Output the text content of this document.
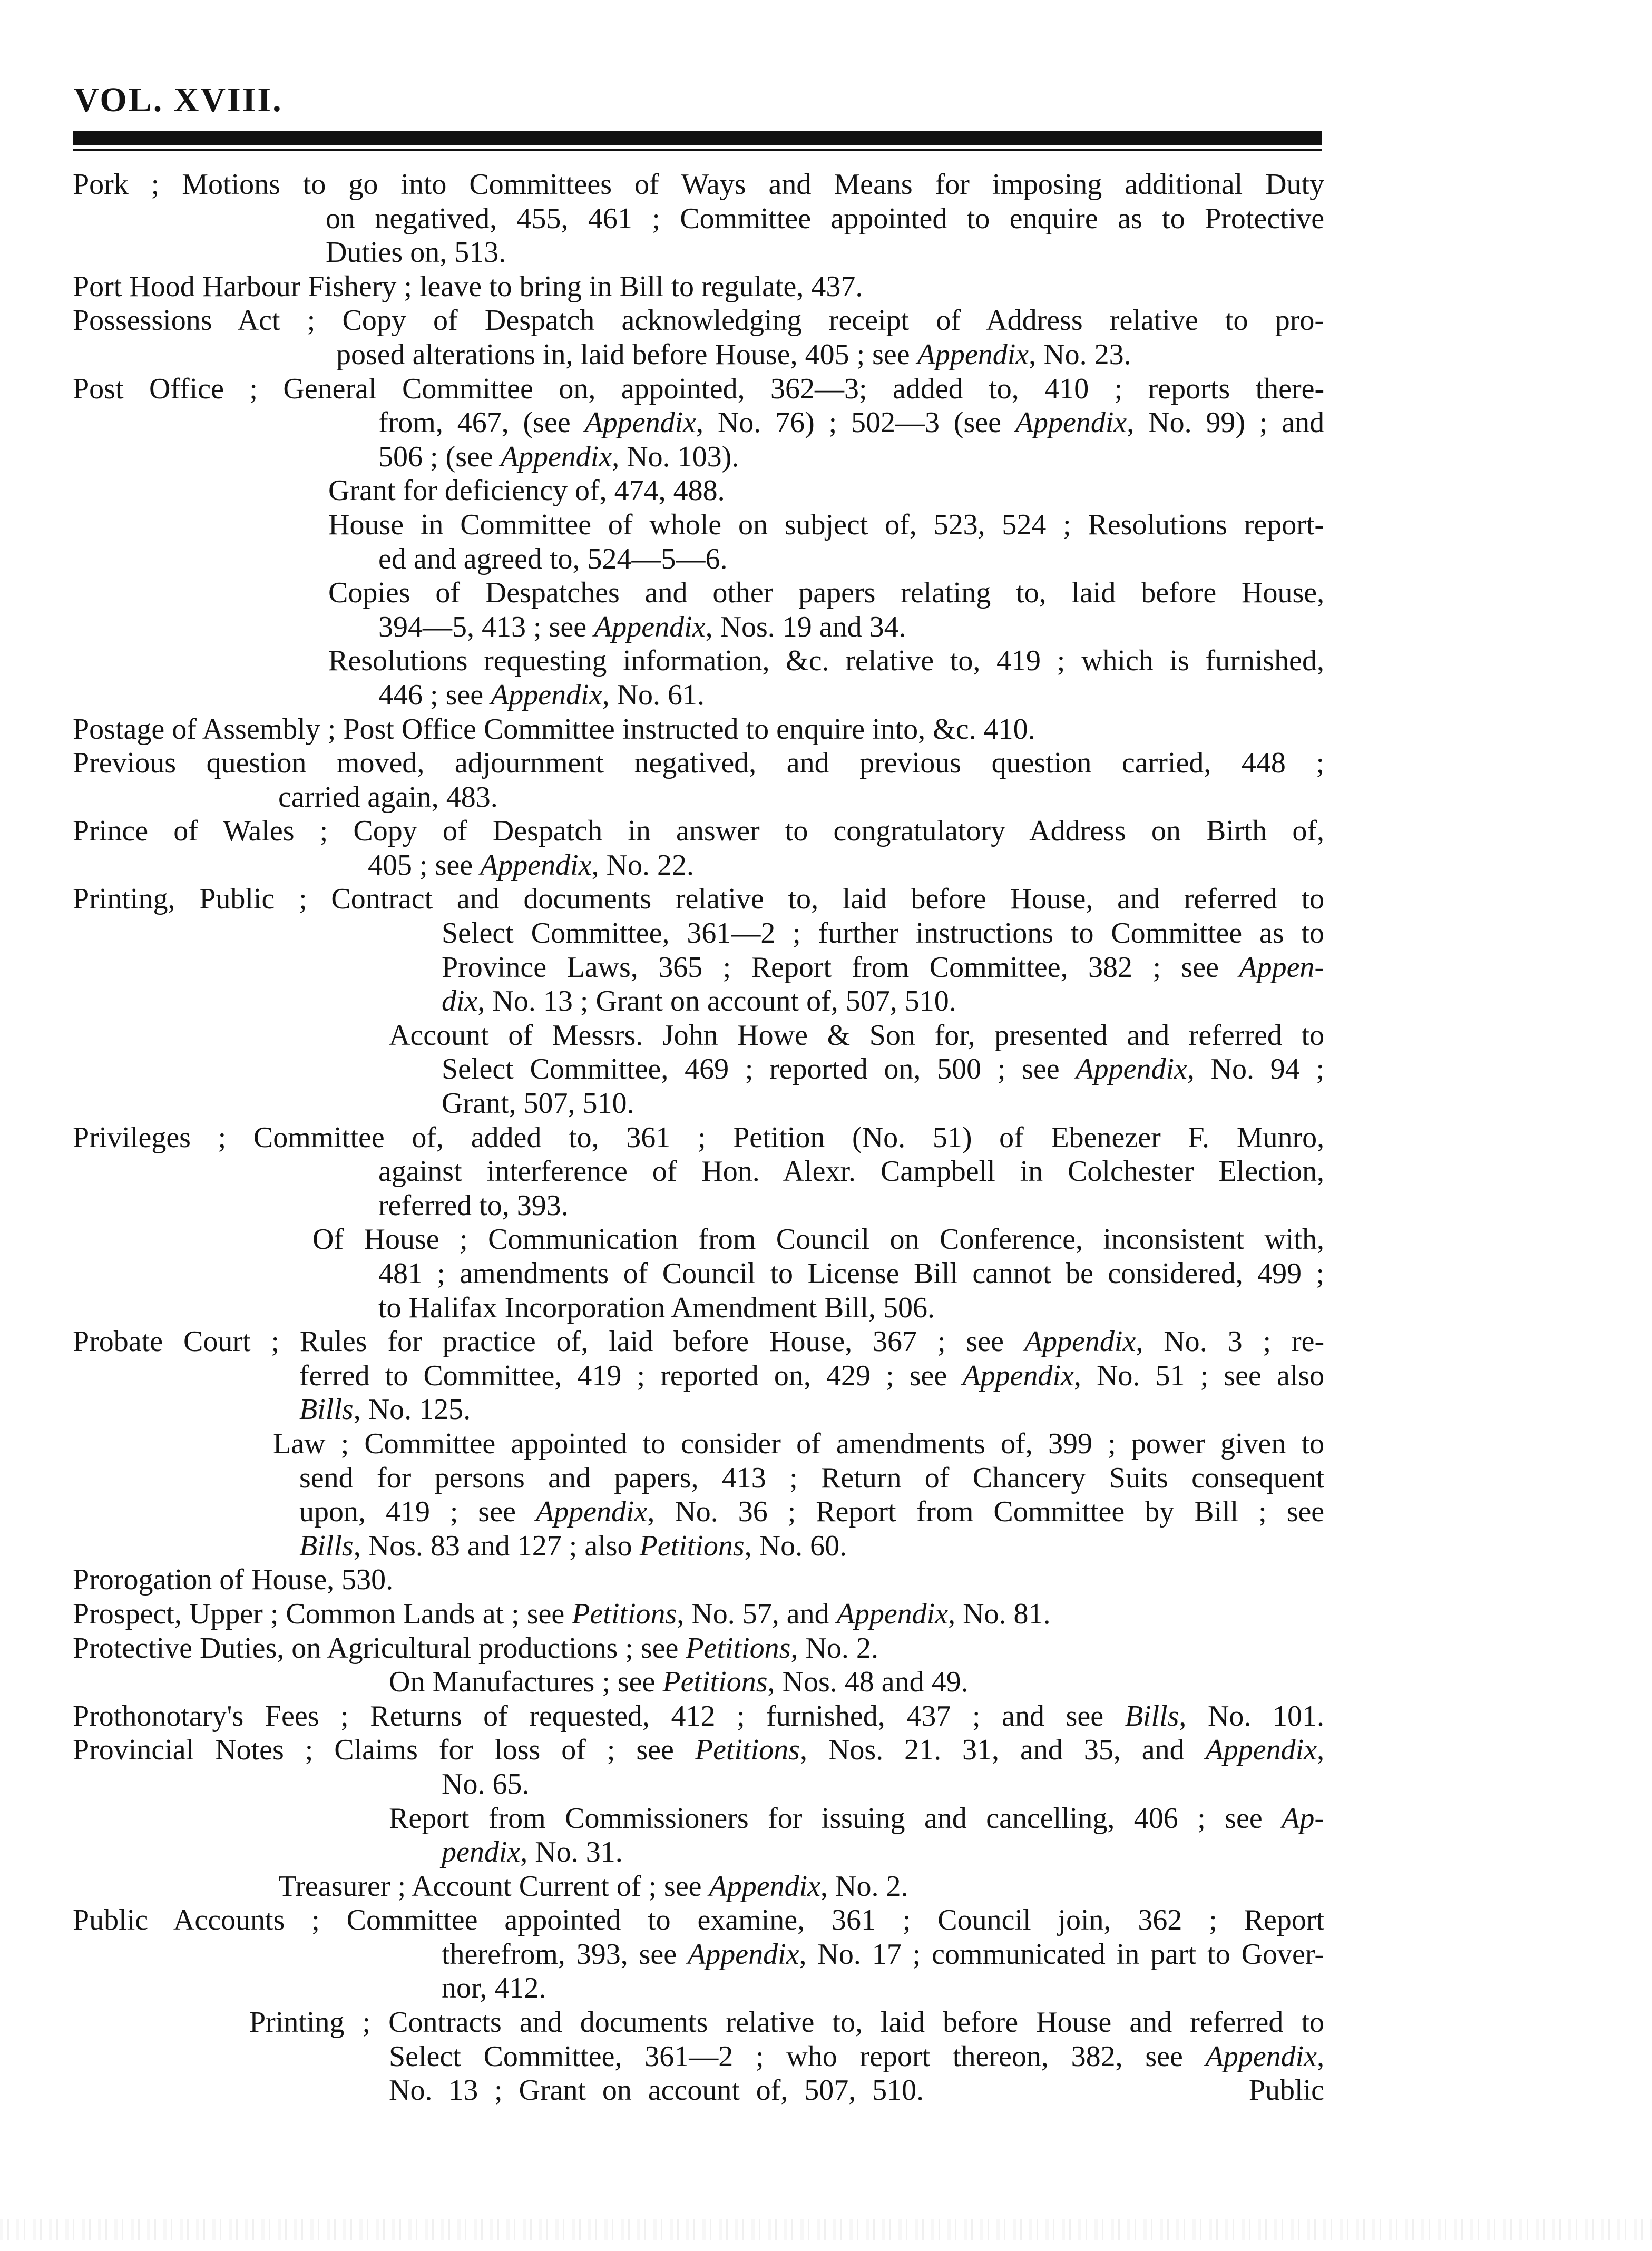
VOL. XVIII.
Pork ; Motions to go into Committees of Ways and Means for imposing additional Duty
on negatived, 455, 461 ; Committee appointed to enquire as to Protective
Duties on, 513.
Port Hood Harbour Fishery ; leave to bring in Bill to regulate, 437.
Possessions Act ; Copy of Despatch acknowledging receipt of Address relative to pro-
posed alterations in, laid before House, 405 ; see Appendix, No. 23.
Post Office ; General Committee on, appointed, 362—3; added to, 410 ; reports there-
from, 467, (see Appendix, No. 76) ; 502—3 (see Appendix, No. 99) ; and
506 ; (see Appendix, No. 103).
Grant for deficiency of, 474, 488.
House in Committee of whole on subject of, 523, 524 ; Resolutions report-
ed and agreed to, 524—5—6.
Copies of Despatches and other papers relating to, laid before House,
394—5, 413 ; see Appendix, Nos. 19 and 34.
Resolutions requesting information, &c. relative to, 419 ; which is furnished,
446 ; see Appendix, No. 61.
Postage of Assembly ; Post Office Committee instructed to enquire into, &c. 410.
Previous question moved, adjournment negatived, and previous question carried, 448 ;
carried again, 483.
Prince of Wales ; Copy of Despatch in answer to congratulatory Address on Birth of,
405 ; see Appendix, No. 22.
Printing, Public ; Contract and documents relative to, laid before House, and referred to
Select Committee, 361—2 ; further instructions to Committee as to
Province Laws, 365 ; Report from Committee, 382 ; see Appen-
dix, No. 13 ; Grant on account of, 507, 510.
Account of Messrs. John Howe & Son for, presented and referred to
Select Committee, 469 ; reported on, 500 ; see Appendix, No. 94 ;
Grant, 507, 510.
Privileges ; Committee of, added to, 361 ; Petition (No. 51) of Ebenezer F. Munro,
against interference of Hon. Alexr. Campbell in Colchester Election,
referred to, 393.
Of House ; Communication from Council on Conference, inconsistent with,
481 ; amendments of Council to License Bill cannot be considered, 499 ;
to Halifax Incorporation Amendment Bill, 506.
Probate Court ; Rules for practice of, laid before House, 367 ; see Appendix, No. 3 ; re-
ferred to Committee, 419 ; reported on, 429 ; see Appendix, No. 51 ; see also
Bills, No. 125.
Law ; Committee appointed to consider of amendments of, 399 ; power given to
send for persons and papers, 413 ; Return of Chancery Suits consequent
upon, 419 ; see Appendix, No. 36 ; Report from Committee by Bill ; see
Bills, Nos. 83 and 127 ; also Petitions, No. 60.
Prorogation of House, 530.
Prospect, Upper ; Common Lands at ; see Petitions, No. 57, and Appendix, No. 81.
Protective Duties, on Agricultural productions ; see Petitions, No. 2.
On Manufactures ; see Petitions, Nos. 48 and 49.
Prothonotary's Fees ; Returns of requested, 412 ; furnished, 437 ; and see Bills, No. 101.
Provincial Notes ; Claims for loss of ; see Petitions, Nos. 21. 31, and 35, and Appendix,
No. 65.
Report from Commissioners for issuing and cancelling, 406 ; see Ap-
pendix, No. 31.
Treasurer ; Account Current of ; see Appendix, No. 2.
Public Accounts ; Committee appointed to examine, 361 ; Council join, 362 ; Report
therefrom, 393, see Appendix, No. 17 ; communicated in part to Gover-
nor, 412.
Printing ; Contracts and documents relative to, laid before House and referred to
Select Committee, 361—2 ; who report thereon, 382, see Appendix,
No. 13 ; Grant on account of, 507, 510.	Public
